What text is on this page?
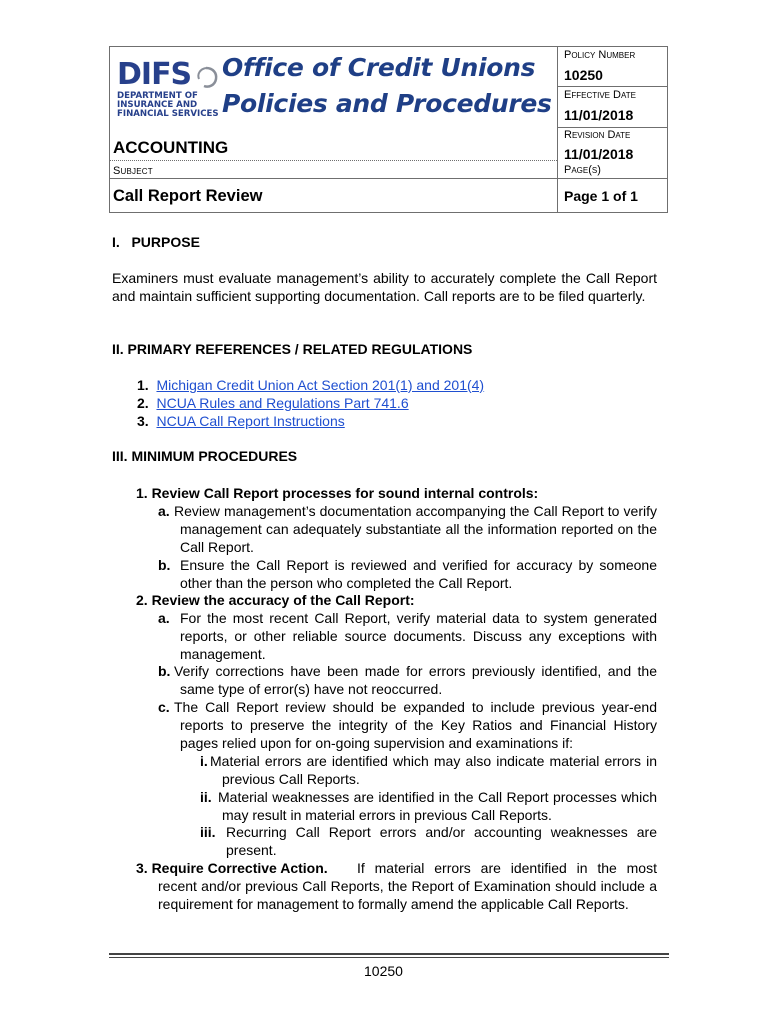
DIFS
DEPARTMENT OF
INSURANCE AND
FINANCIAL SERVICES
Office of Credit Unions
Policies and Procedures
ACCOUNTING
Subject
Call Report Review
Policy Number
10250
Effective Date
11/01/2018
Revision Date
11/01/2018
Page(s)
Page 1 of 1
I.   PURPOSE
Examiners must evaluate management’s ability to accurately complete the Call Report and maintain sufficient supporting documentation. Call reports are to be filed quarterly.
II. PRIMARY REFERENCES / RELATED REGULATIONS
1. Michigan Credit Union Act Section 201(1) and 201(4)
2. NCUA Rules and Regulations Part 741.6
3. NCUA Call Report Instructions
III. MINIMUM PROCEDURES
1. Review Call Report processes for sound internal controls:
a. Review management’s documentation accompanying the Call Report to verify management can adequately substantiate all the information reported on the Call Report.
b. Ensure the Call Report is reviewed and verified for accuracy by someone other than the person who completed the Call Report.
2. Review the accuracy of the Call Report:
a. For the most recent Call Report, verify material data to system generated reports, or other reliable source documents. Discuss any exceptions with management.
b. Verify corrections have been made for errors previously identified, and the same type of error(s) have not reoccurred.
c. The Call Report review should be expanded to include previous year-end reports to preserve the integrity of the Key Ratios and Financial History pages relied upon for on-going supervision and examinations if:
i. Material errors are identified which may also indicate material errors in previous Call Reports.
ii. Material weaknesses are identified in the Call Report processes which may result in material errors in previous Call Reports.
iii. Recurring Call Report errors and/or accounting weaknesses are present.
3. Require Corrective Action.	If material errors are identified in the most recent and/or previous Call Reports, the Report of Examination should include a requirement for management to formally amend the applicable Call Reports.
10250
